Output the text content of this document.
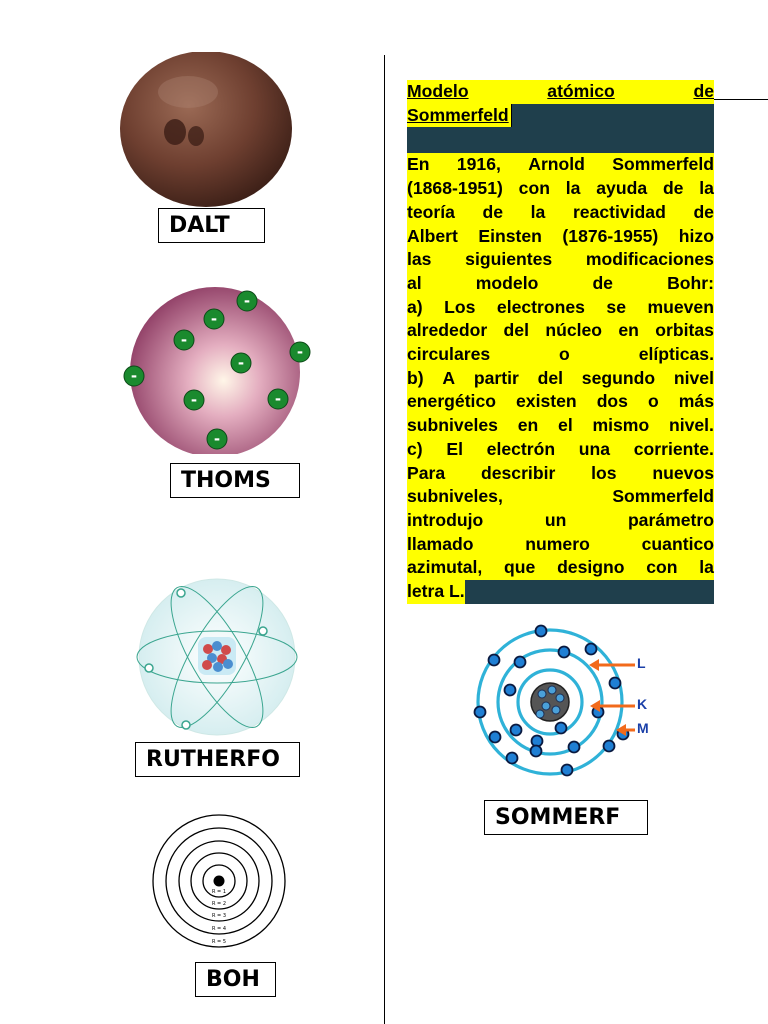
DALT
-
-
-
-
-
-
-	-
-
THOMS
RUTHERFO
R = 1
R = 2
R = 3
R = 4
R = 5
BOH
Modelo	atómico	de
Sommerfeld
En 1916, Arnold Sommerfeld
(1868-1951) con la ayuda de la
teoría de la reactividad de
Albert Einsten (1876-1955) hizo
las siguientes modificaciones
al	modelo	de	Bohr:
a) Los electrones se mueven
alrededor del núcleo en orbitas
circulares	o	elípticas.
b) A partir del segundo nivel
energético existen dos o más
subniveles en el mismo nivel.
c) El electrón una corriente.
Para describir los nuevos
subniveles,	Sommerfeld
introdujo	un	parámetro
llamado	numero	cuantico
azimutal, que designo con la
letra L.
L
K
M
SOMMERF
